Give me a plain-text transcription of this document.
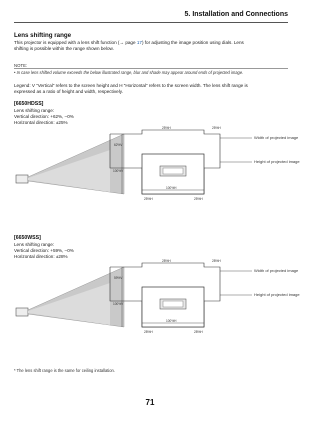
5. Installation and Connections
Lens shifting range
This projector is equipped with a lens shift function (→ page 17) for adjusting the image position using dials. Lens
shifting is possible within the range shown below.
NOTE:
• In case lens shifted volume exceeds the below illustrated range, blur and shade may appear around ends of projected image.
Legend: V “Vertical” refers to the screen height and H “Horizontal” refers to the screen width. The lens shift range is
expressed as a ratio of height and width, respectively.
[6650HDSS]
Lens shifting range:
Vertical direction: +62%, –0%
Horizontal direction: ±25%
25%H	25%H
62%V
100%V
100%H
25%H	25%H
Width of projected image
Height of projected image
[6650WSS]
Lens shifting range:
Vertical direction: +59%, –0%
Horizontal direction: ±28%
28%H	28%H
59%V
100%V
100%H
28%H	28%H
Width of projected image
Height of projected image
* The lens shift range is the same for ceiling installation.
71
